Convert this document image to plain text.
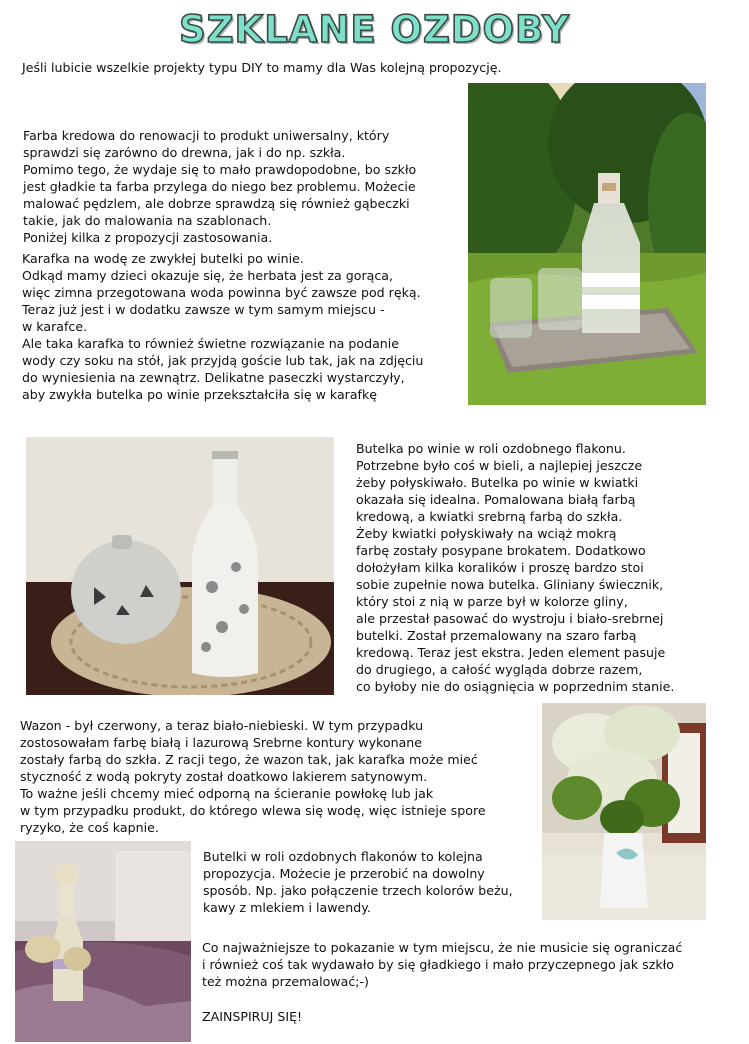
SZKLANE OZDOBY

Jeśli lubicie wszelkie projekty typu DIY to mamy dla Was kolejną propozycję.

Farba kredowa do renowacji to produkt uniwersalny, który
sprawdzi się zarówno do drewna, jak i do np. szkła.
Pomimo tego, że wydaje się to mało prawdopodobne, bo szkło
jest gładkie ta farba przylega do niego bez problemu. Możecie
malować pędzlem, ale dobrze sprawdzą się również gąbeczki
takie, jak do malowania na szablonach.
Poniżej kilka z propozycji zastosowania.

Karafka na wodę ze zwykłej butelki po winie.
Odkąd mamy dzieci okazuje się, że herbata jest za gorąca,
więc zimna przegotowana woda powinna być zawsze pod ręką.
Teraz już jest i w dodatku zawsze w tym samym miejscu -
w karafce.
Ale taka karafka to również świetne rozwiązanie na podanie
wody czy soku na stół, jak przyjdą goście lub tak, jak na zdjęciu
do wyniesienia na zewnątrz. Delikatne paseczki wystarczyły,
aby zwykła butelka po winie przekształciła się w karafkę

Butelka po winie w roli ozdobnego flakonu.
Potrzebne było coś w bieli, a najlepiej jeszcze
żeby połyskiwało. Butelka po winie w kwiatki
okazała się idealna. Pomalowana białą farbą
kredową, a kwiatki srebrną farbą do szkła.
Żeby kwiatki połyskiwały na wciąż mokrą
farbę zostały posypane brokatem. Dodatkowo
dołożyłam kilka koralików i proszę bardzo stoi
sobie zupełnie nowa butelka. Gliniany świecznik,
który stoi z nią w parze był w kolorze gliny,
ale przestał pasować do wystroju i biało-srebrnej
butelki. Został przemalowany na szaro farbą
kredową. Teraz jest ekstra. Jeden element pasuje
do drugiego, a całość wygląda dobrze razem,
co byłoby nie do osiągnięcia w poprzednim stanie.

Wazon - był czerwony, a teraz biało-niebieski. W tym przypadku
zostosowałam farbę białą i lazurową Srebrne kontury wykonane
zostały farbą do szkła. Z racji tego, że wazon tak, jak karafka może mieć
styczność z wodą pokryty został doatkowo lakierem satynowym.
To ważne jeśli chcemy mieć odporną na ścieranie powłokę lub jak
w tym przypadku produkt, do którego wlewa się wodę, więc istnieje spore
ryzyko, że coś kapnie.

Butelki w roli ozdobnych flakonów to kolejna
propozycja. Możecie je przerobić na dowolny
sposób. Np. jako połączenie trzech kolorów beżu,
kawy z mlekiem i lawendy.

Co najważniejsze to pokazanie w tym miejscu, że nie musicie się ograniczać
i również coś tak wydawało by się gładkiego i mało przyczepnego jak szkło
też można przemalować;-)

ZAINSPIRUJ SIĘ!
